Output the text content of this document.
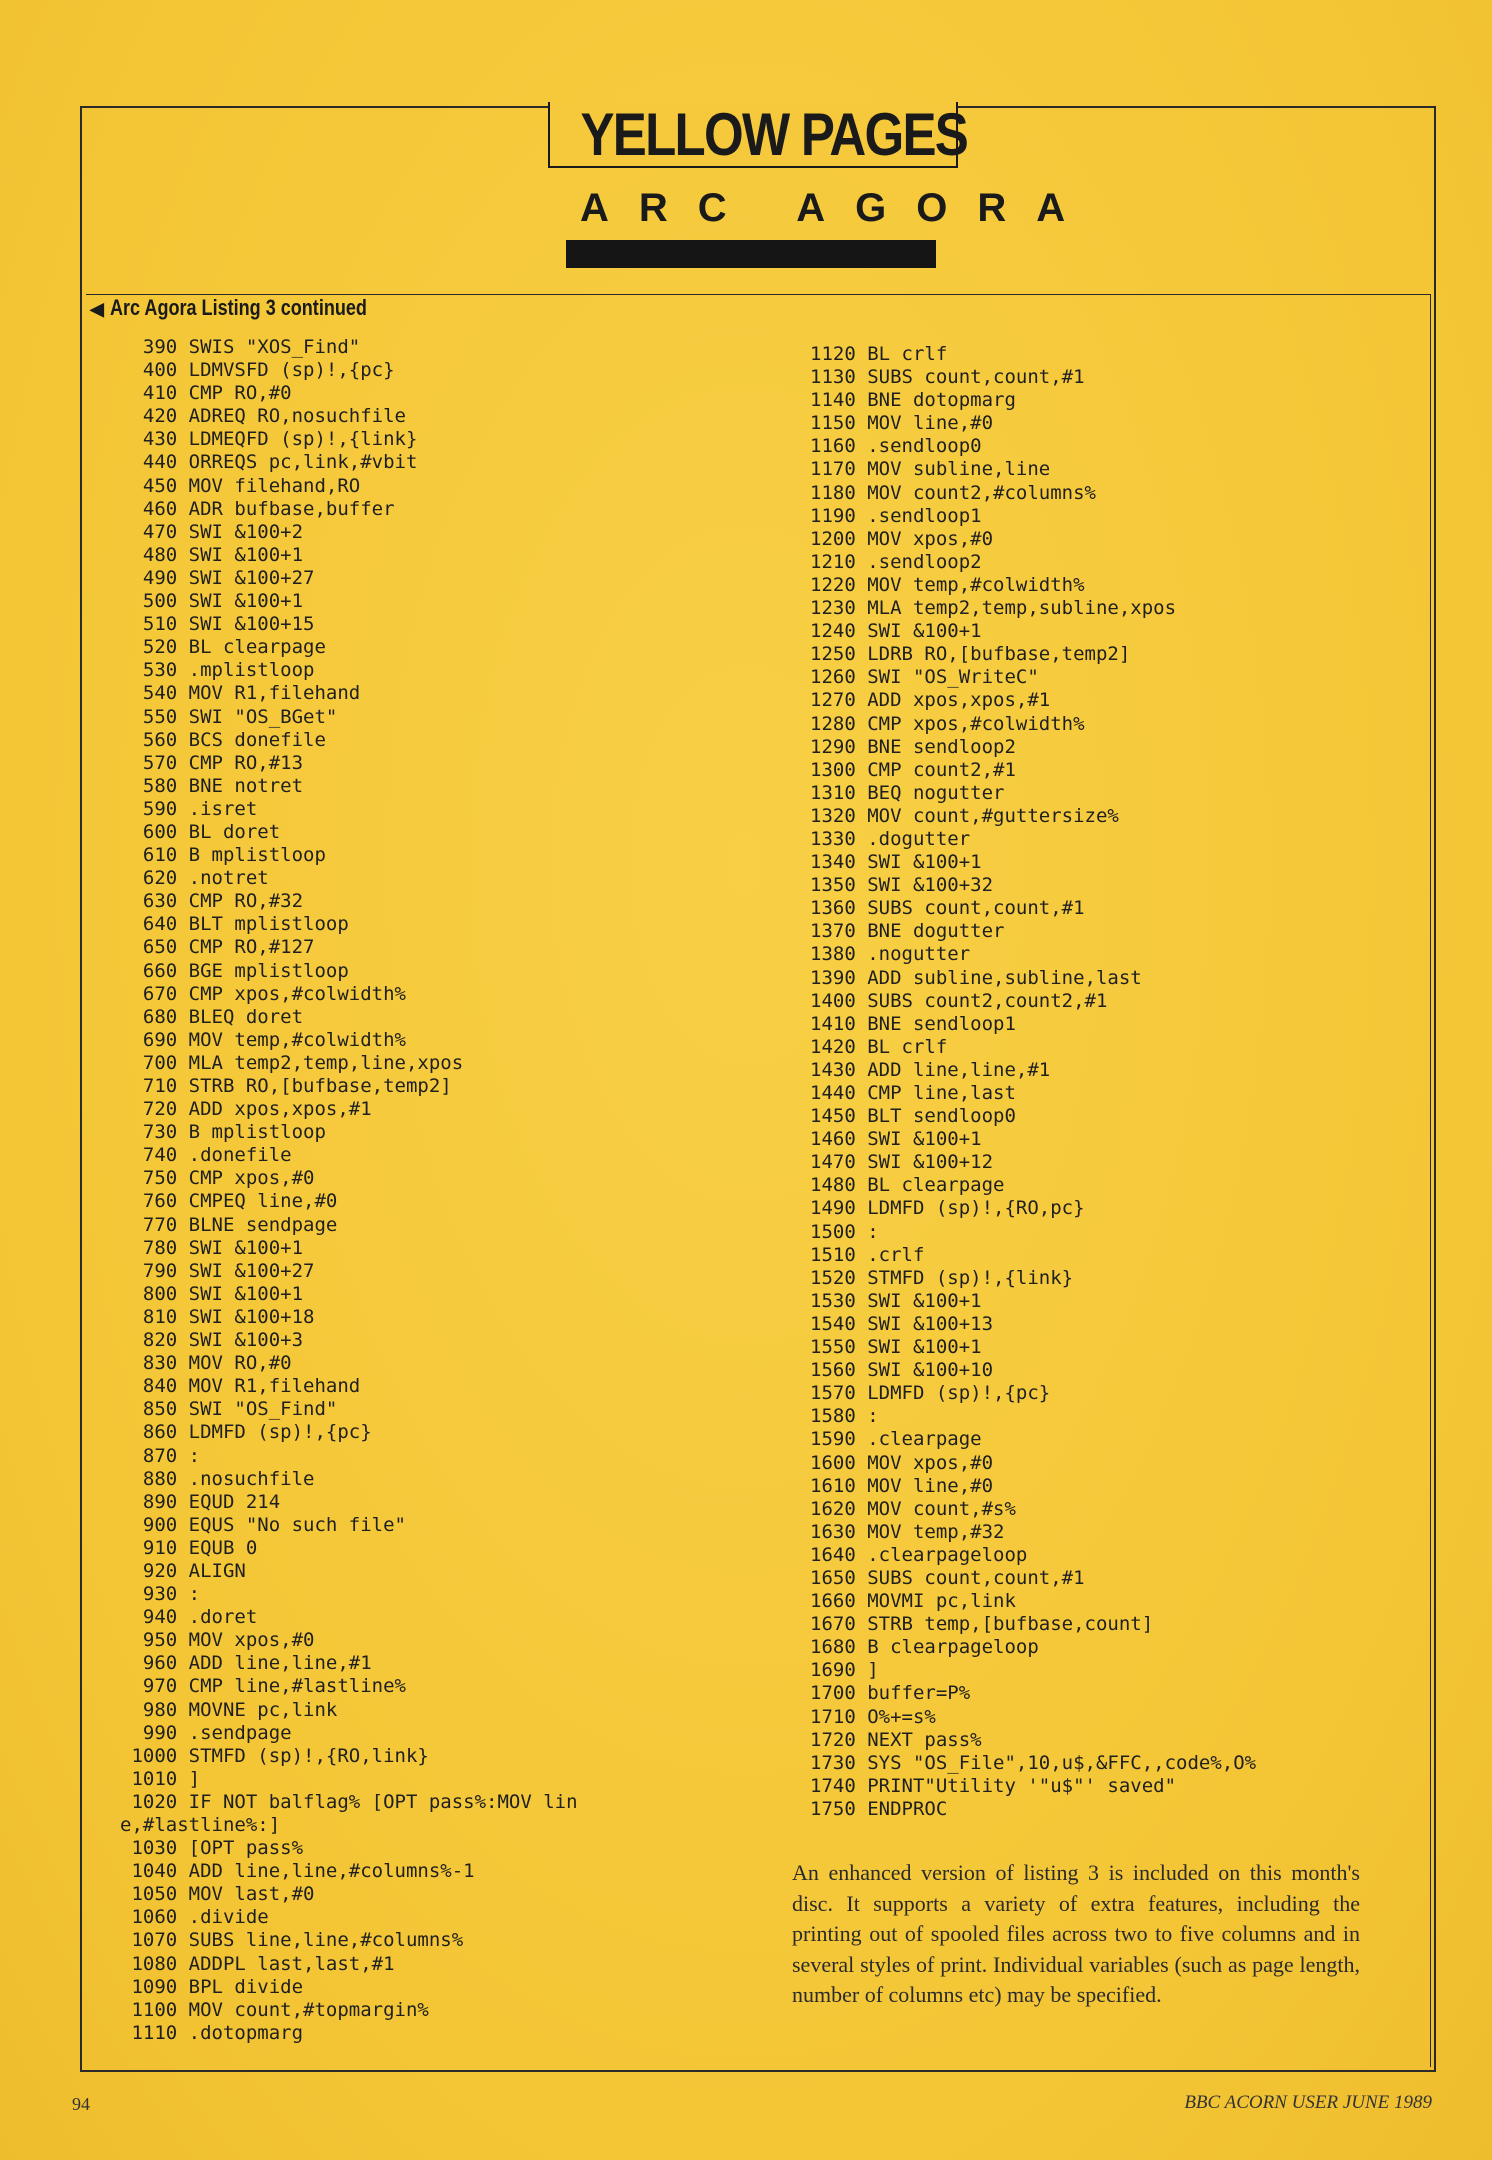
YELLOW PAGES
ARC AGORA
◀ Arc Agora Listing 3 continued
390 SWIS "XOS_Find"
400 LDMVSFD (sp)!,{pc}
410 CMP RO,#0
420 ADREQ RO,nosuchfile
430 LDMEQFD (sp)!,{link}
440 ORREQS pc,link,#vbit
450 MOV filehand,RO
460 ADR bufbase,buffer
470 SWI &100+2
480 SWI &100+1
490 SWI &100+27
500 SWI &100+1
510 SWI &100+15
520 BL clearpage
530 .mplistloop
540 MOV R1,filehand
550 SWI "OS_BGet"
560 BCS donefile
570 CMP RO,#13
580 BNE notret
590 .isret
600 BL doret
610 B mplistloop
620 .notret
630 CMP RO,#32
640 BLT mplistloop
650 CMP RO,#127
660 BGE mplistloop
670 CMP xpos,#colwidth%
680 BLEQ doret
690 MOV temp,#colwidth%
700 MLA temp2,temp,line,xpos
710 STRB RO,[bufbase,temp2]
720 ADD xpos,xpos,#1
730 B mplistloop
740 .donefile
750 CMP xpos,#0
760 CMPEQ line,#0
770 BLNE sendpage
780 SWI &100+1
790 SWI &100+27
800 SWI &100+1
810 SWI &100+18
820 SWI &100+3
830 MOV RO,#0
840 MOV R1,filehand
850 SWI "OS_Find"
860 LDMFD (sp)!,{pc}
870 :
880 .nosuchfile
890 EQUD 214
900 EQUS "No such file"
910 EQUB 0
920 ALIGN
930 :
940 .doret
950 MOV xpos,#0
960 ADD line,line,#1
970 CMP line,#lastline%
980 MOVNE pc,link
990 .sendpage
1000 STMFD (sp)!,{RO,link}
1010 ]
1020 IF NOT balflag% [OPT pass%:MOV lin
e,#lastline%:]
1030 [OPT pass%
1040 ADD line,line,#columns%-1
1050 MOV last,#0
1060 .divide
1070 SUBS line,line,#columns%
1080 ADDPL last,last,#1
1090 BPL divide
1100 MOV count,#topmargin%
1110 .dotopmarg
1120 BL crlf
1130 SUBS count,count,#1
1140 BNE dotopmarg
1150 MOV line,#0
1160 .sendloop0
1170 MOV subline,line
1180 MOV count2,#columns%
1190 .sendloop1
1200 MOV xpos,#0
1210 .sendloop2
1220 MOV temp,#colwidth%
1230 MLA temp2,temp,subline,xpos
1240 SWI &100+1
1250 LDRB RO,[bufbase,temp2]
1260 SWI "OS_WriteC"
1270 ADD xpos,xpos,#1
1280 CMP xpos,#colwidth%
1290 BNE sendloop2
1300 CMP count2,#1
1310 BEQ nogutter
1320 MOV count,#guttersize%
1330 .dogutter
1340 SWI &100+1
1350 SWI &100+32
1360 SUBS count,count,#1
1370 BNE dogutter
1380 .nogutter
1390 ADD subline,subline,last
1400 SUBS count2,count2,#1
1410 BNE sendloop1
1420 BL crlf
1430 ADD line,line,#1
1440 CMP line,last
1450 BLT sendloop0
1460 SWI &100+1
1470 SWI &100+12
1480 BL clearpage
1490 LDMFD (sp)!,{RO,pc}
1500 :
1510 .crlf
1520 STMFD (sp)!,{link}
1530 SWI &100+1
1540 SWI &100+13
1550 SWI &100+1
1560 SWI &100+10
1570 LDMFD (sp)!,{pc}
1580 :
1590 .clearpage
1600 MOV xpos,#0
1610 MOV line,#0
1620 MOV count,#s%
1630 MOV temp,#32
1640 .clearpageloop
1650 SUBS count,count,#1
1660 MOVMI pc,link
1670 STRB temp,[bufbase,count]
1680 B clearpageloop
1690 ]
1700 buffer=P%
1710 O%+=s%
1720 NEXT pass%
1730 SYS "OS_File",10,u$,&FFC,,code%,O%
1740 PRINT"Utility '"u$"' saved"
1750 ENDPROC

An enhanced version of listing 3 is included on this month's disc. It supports a variety of extra features, including the printing out of spooled files across two to five columns and in several styles of print. Individual variables (such as page length, number of columns etc) may be specified.

94	BBC ACORN USER JUNE 1989
